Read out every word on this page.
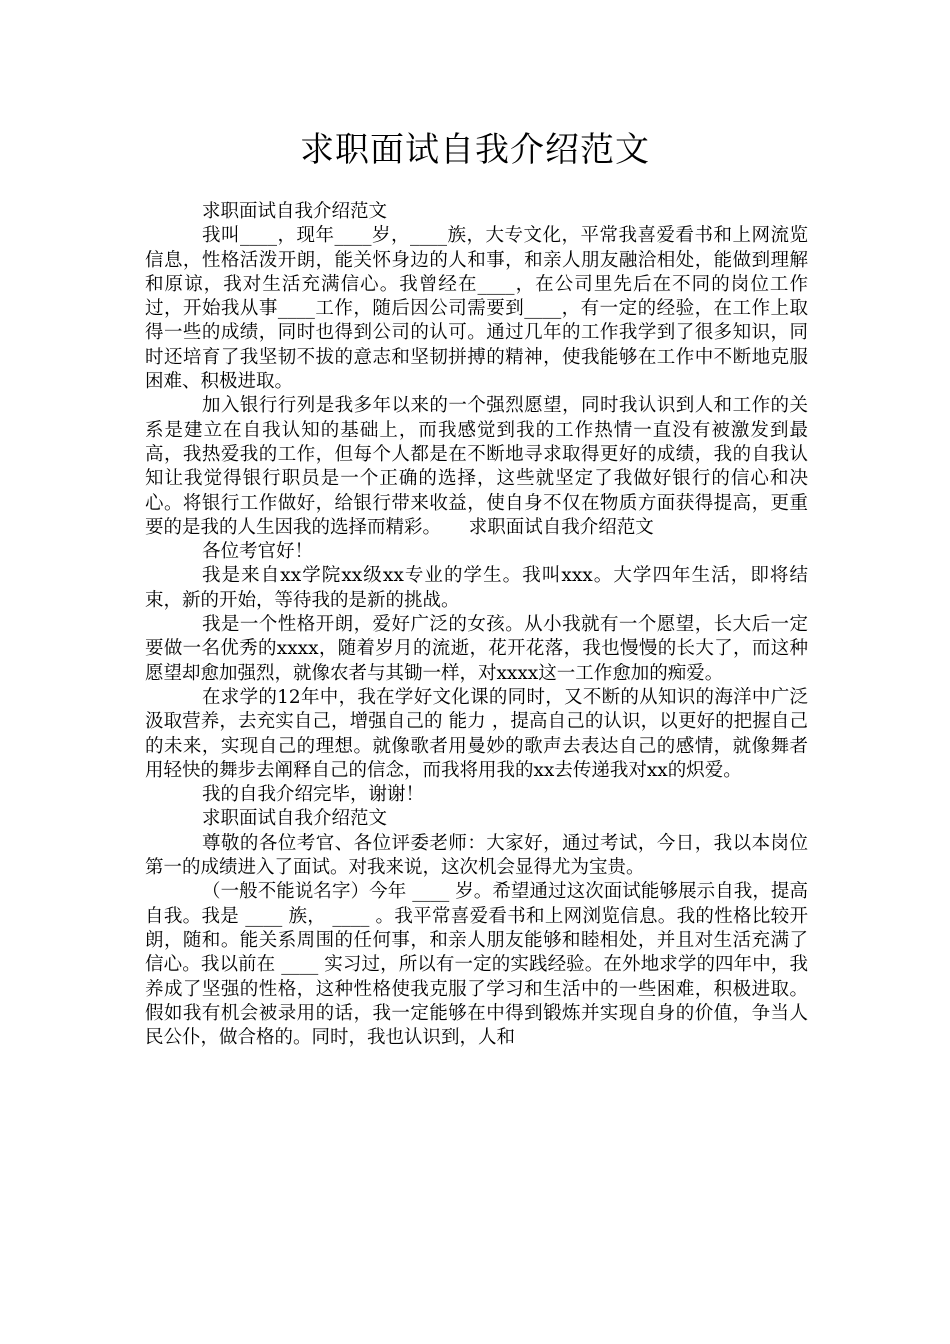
求职面试自我介绍范文

求职面试自我介绍范文

我叫____，现年____岁，____族，大专文化，平常我喜爱看书和上网流览信息，性格活泼开朗，能关怀身边的人和事，和亲人朋友融洽相处，能做到理解和原谅，我对生活充满信心。我曾经在____，在公司里先后在不同的岗位工作过，开始我从事____工作，随后因公司需要到____，有一定的经验，在工作上取得一些的成绩，同时也得到公司的认可。通过几年的工作我学到了很多知识，同时还培育了我坚韧不拔的意志和坚韧拼搏的精神，使我能够在工作中不断地克服困难、积极进取。

加入银行行列是我多年以来的一个强烈愿望，同时我认识到人和工作的关系是建立在自我认知的基础上，而我感觉到我的工作热情一直没有被激发到最高，我热爱我的工作，但每个人都是在不断地寻求取得更好的成绩，我的自我认知让我觉得银行职员是一个正确的选择，这些就坚定了我做好银行的信心和决心。将银行工作做好，给银行带来收益，使自身不仅在物质方面获得提高，更重要的是我的人生因我的选择而精彩。　　求职面试自我介绍范文

各位考官好！

我是来自xx学院xx级xx专业的学生。我叫xxx。大学四年生活，即将结束，新的开始，等待我的是新的挑战。

我是一个性格开朗，爱好广泛的女孩。从小我就有一个愿望，长大后一定要做一名优秀的xxxx，随着岁月的流逝，花开花落，我也慢慢的长大了，而这种愿望却愈加强烈，就像农者与其锄一样，对xxxx这一工作愈加的痴爱。

在求学的12年中，我在学好文化课的同时，又不断的从知识的海洋中广泛汲取营养，去充实自己，增强自己的 能力 ，提高自己的认识，以更好的把握自己的未来，实现自己的理想。就像歌者用曼妙的歌声去表达自己的感情，就像舞者用轻快的舞步去阐释自己的信念，而我将用我的xx去传递我对xx的炽爱。

我的自我介绍完毕，谢谢！

求职面试自我介绍范文

尊敬的各位考官、各位评委老师：大家好，通过考试，今日，我以本岗位第一的成绩进入了面试。对我来说，这次机会显得尤为宝贵。

（一般不能说名字）今年 ____ 岁。希望通过这次面试能够展示自我，提高自我。我是 ____ 族， ____ 。我平常喜爱看书和上网浏览信息。我的性格比较开朗，随和。能关系周围的任何事，和亲人朋友能够和睦相处，并且对生活充满了信心。我以前在 ____ 实习过，所以有一定的实践经验。在外地求学的四年中，我养成了坚强的性格，这种性格使我克服了学习和生活中的一些困难，积极进取。假如我有机会被录用的话，我一定能够在中得到锻炼并实现自身的价值，争当人民公仆，做合格的。同时，我也认识到，人和
